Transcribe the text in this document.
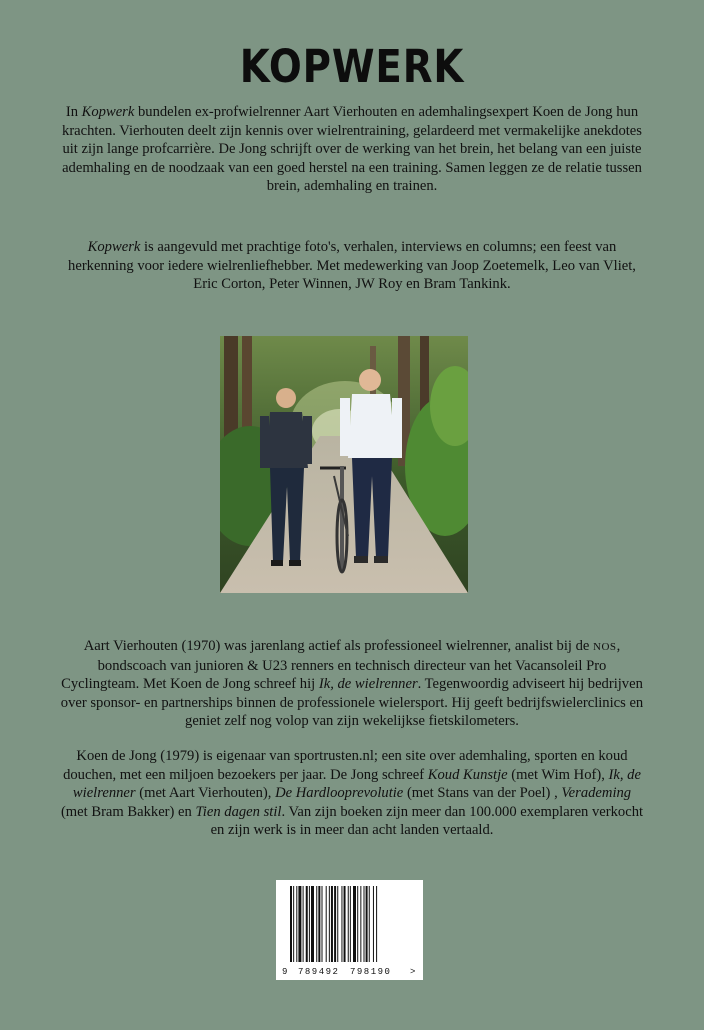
KOPWERK

In Kopwerk bundelen ex-profwielrenner Aart Vierhouten en ademhalingsexpert Koen de Jong hun krachten. Vierhouten deelt zijn kennis over wielrentraining, gelardeerd met vermakelijke anekdotes uit zijn lange profcarrière. De Jong schrijft over de werking van het brein, het belang van een juiste ademhaling en de noodzaak van een goed herstel na een training. Samen leggen ze de relatie tussen brein, ademhaling en trainen.

Kopwerk is aangevuld met prachtige foto's, verhalen, interviews en columns; een feest van herkenning voor iedere wielrenliefhebber. Met medewerking van Joop Zoetemelk, Leo van Vliet, Eric Corton, Peter Winnen, JW Roy en Bram Tankink.

Aart Vierhouten (1970) was jarenlang actief als professioneel wielrenner, analist bij de NOS, bondscoach van junioren & U23 renners en technisch directeur van het Vacansoleil Pro Cyclingteam. Met Koen de Jong schreef hij Ik, de wielrenner. Tegenwoordig adviseert hij bedrijven over sponsor- en partnerships binnen de professionele wielersport. Hij geeft bedrijfswielerclinics en geniet zelf nog volop van zijn wekelijkse fietskilometers.

Koen de Jong (1979) is eigenaar van sportrusten.nl; een site over ademhaling, sporten en koud douchen, met een miljoen bezoekers per jaar. De Jong schreef Koud Kunstje (met Wim Hof), Ik, de wielrenner (met Aart Vierhouten), De Hardlooprevolutie (met Stans van der Poel) , Verademing (met Bram Bakker) en Tien dagen stil. Van zijn boeken zijn meer dan 100.000 exemplaren verkocht en zijn werk is in meer dan acht landen vertaald.

9 789492 798190 >
